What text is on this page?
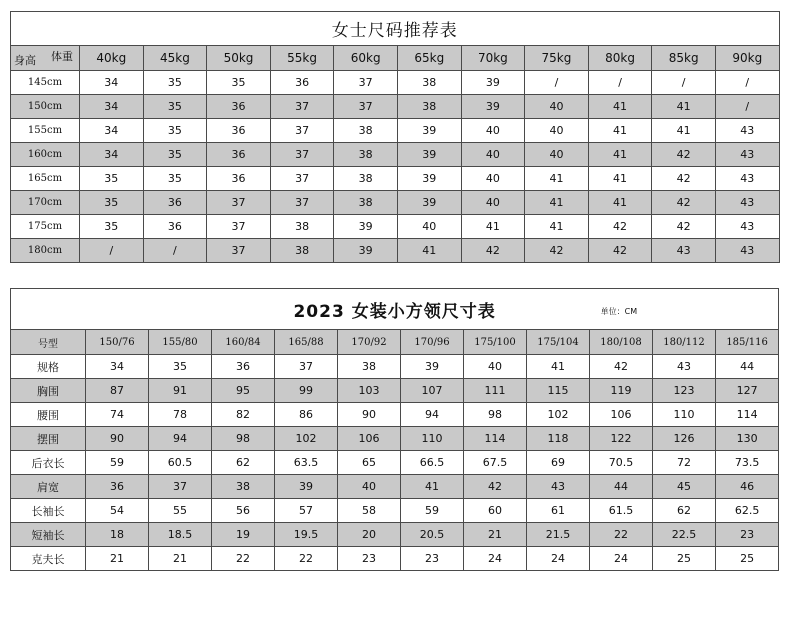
女士尺码推荐表											

体重
身高	40kg	45kg	50kg	55kg	60kg	65kg	70kg	75kg	80kg	85kg	90kg
145cm	34	35	35	36	37	38	39	/	/	/	/
150cm	34	35	36	37	37	38	39	40	41	41	/
155cm	34	35	36	37	38	39	40	40	41	41	43
160cm	34	35	36	37	38	39	40	40	41	42	43
165cm	35	35	36	37	38	39	40	41	41	42	43
170cm	35	36	37	37	38	39	40	41	41	42	43
175cm	35	36	37	38	39	40	41	41	42	42	43
180cm	/	/	37	38	39	41	42	42	42	43	43
2023 女装小方领尺寸表 单位：CM											

号型	150/76	155/80	160/84	165/88	170/92	170/96	175/100	175/104	180/108	180/112	185/116
规格	34	35	36	37	38	39	40	41	42	43	44
胸围	87	91	95	99	103	107	111	115	119	123	127
腰围	74	78	82	86	90	94	98	102	106	110	114
摆围	90	94	98	102	106	110	114	118	122	126	130
后衣长	59	60.5	62	63.5	65	66.5	67.5	69	70.5	72	73.5
肩宽	36	37	38	39	40	41	42	43	44	45	46
长袖长	54	55	56	57	58	59	60	61	61.5	62	62.5
短袖长	18	18.5	19	19.5	20	20.5	21	21.5	22	22.5	23
克夫长	21	21	22	22	23	23	24	24	24	25	25
